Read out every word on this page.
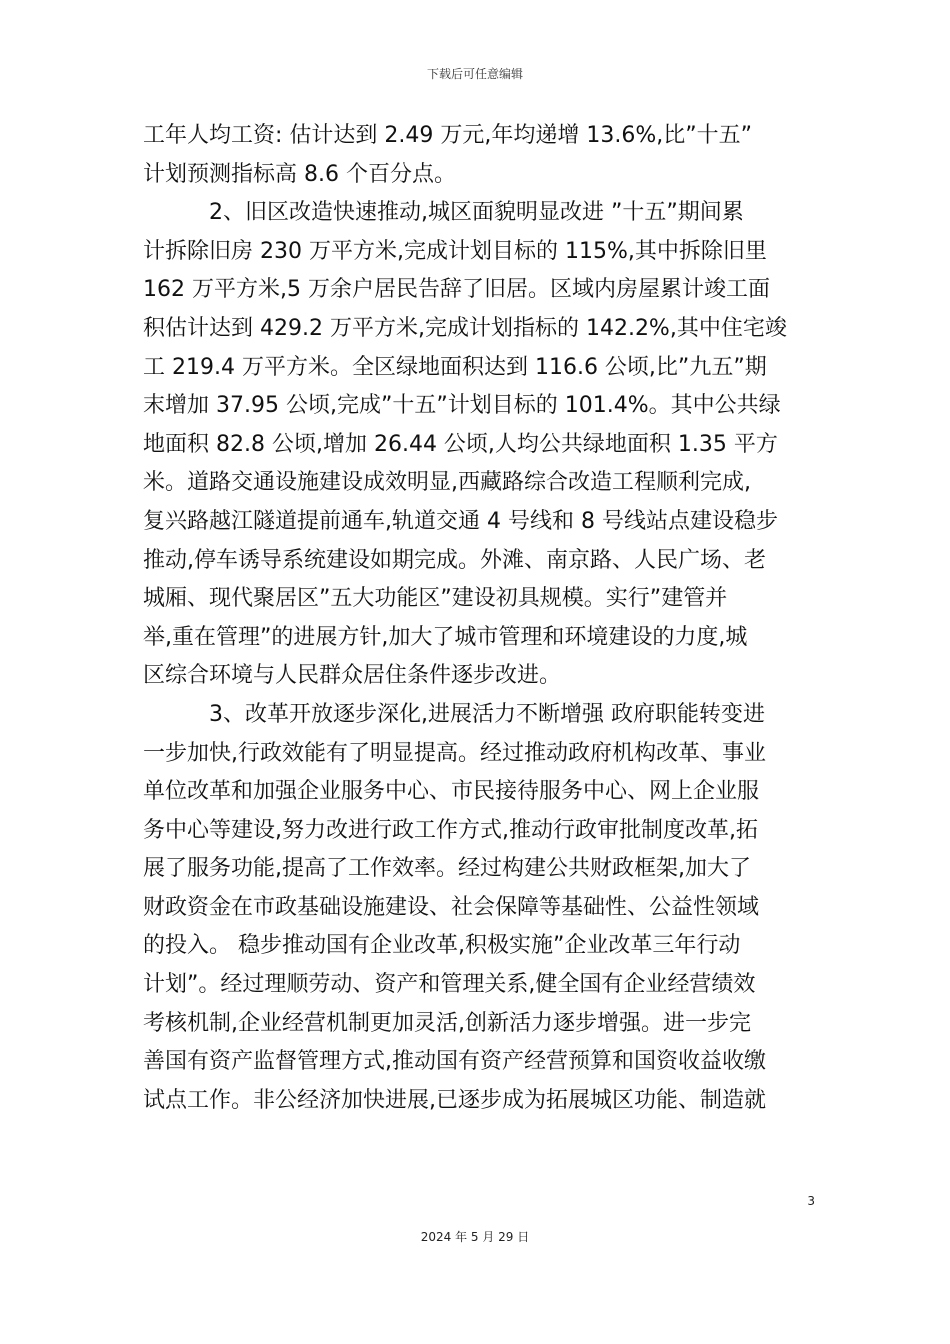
下载后可任意编辑
工年人均工资: 估计达到 2.49 万元,年均递增 13.6%,比”十五”
计划预测指标高 8.6 个百分点。
2、旧区改造快速推动,城区面貌明显改进 ”十五”期间累
计拆除旧房 230 万平方米,完成计划目标的 115%,其中拆除旧里
162 万平方米,5 万余户居民告辞了旧居。区域内房屋累计竣工面
积估计达到 429.2 万平方米,完成计划指标的 142.2%,其中住宅竣
工 219.4 万平方米。全区绿地面积达到 116.6 公顷,比”九五”期
末增加 37.95 公顷,完成”十五”计划目标的 101.4%。其中公共绿
地面积 82.8 公顷,增加 26.44 公顷,人均公共绿地面积 1.35 平方
米。道路交通设施建设成效明显,西藏路综合改造工程顺利完成,
复兴路越江隧道提前通车,轨道交通 4 号线和 8 号线站点建设稳步
推动,停车诱导系统建设如期完成。外滩、南京路、人民广场、老
城厢、现代聚居区”五大功能区”建设初具规模。实行”建管并
举,重在管理”的进展方针,加大了城市管理和环境建设的力度,城
区综合环境与人民群众居住条件逐步改进。
3、改革开放逐步深化,进展活力不断增强 政府职能转变进
一步加快,行政效能有了明显提高。经过推动政府机构改革、事业
单位改革和加强企业服务中心、市民接待服务中心、网上企业服
务中心等建设,努力改进行政工作方式,推动行政审批制度改革,拓
展了服务功能,提高了工作效率。经过构建公共财政框架,加大了
财政资金在市政基础设施建设、社会保障等基础性、公益性领域
的投入。 稳步推动国有企业改革,积极实施”企业改革三年行动
计划”。经过理顺劳动、资产和管理关系,健全国有企业经营绩效
考核机制,企业经营机制更加灵活,创新活力逐步增强。进一步完
善国有资产监督管理方式,推动国有资产经营预算和国资收益收缴
试点工作。非公经济加快进展,已逐步成为拓展城区功能、制造就
3
2024 年 5 月 29 日
